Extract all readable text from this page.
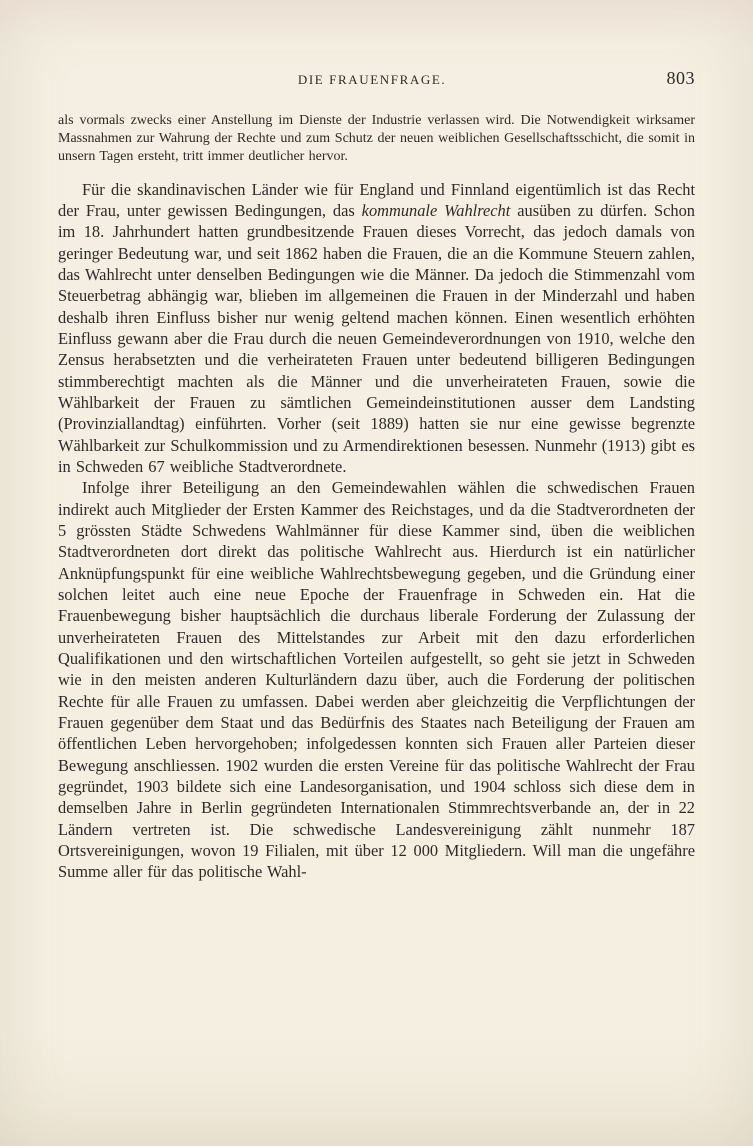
DIE FRAUENFRAGE.	803

als vormals zwecks einer Anstellung im Dienste der Industrie verlassen wird. Die Notwendigkeit wirksamer Massnahmen zur Wahrung der Rechte und zum Schutz der neuen weiblichen Gesellschaftsschicht, die somit in unsern Tagen ersteht, tritt immer deutlicher hervor.

Für die skandinavischen Länder wie für England und Finnland eigentümlich ist das Recht der Frau, unter gewissen Bedingungen, das kommunale Wahlrecht ausüben zu dürfen. Schon im 18. Jahrhundert hatten grundbesitzende Frauen dieses Vorrecht, das jedoch damals von geringer Bedeutung war, und seit 1862 haben die Frauen, die an die Kommune Steuern zahlen, das Wahlrecht unter denselben Bedingungen wie die Männer. Da jedoch die Stimmenzahl vom Steuerbetrag abhängig war, blieben im allgemeinen die Frauen in der Minderzahl und haben deshalb ihren Einfluss bisher nur wenig geltend machen können. Einen wesentlich erhöhten Einfluss gewann aber die Frau durch die neuen Gemeindeverordnungen von 1910, welche den Zensus herabsetzten und die verheirateten Frauen unter bedeutend billigeren Bedingungen stimmberechtigt machten als die Männer und die unverheirateten Frauen, sowie die Wählbarkeit der Frauen zu sämtlichen Gemeindeinstitutionen ausser dem Landsting (Provinziallandtag) einführten. Vorher (seit 1889) hatten sie nur eine gewisse begrenzte Wählbarkeit zur Schulkommission und zu Armendirektionen besessen. Nunmehr (1913) gibt es in Schweden 67 weibliche Stadtverordnete.

Infolge ihrer Beteiligung an den Gemeindewahlen wählen die schwedischen Frauen indirekt auch Mitglieder der Ersten Kammer des Reichstages, und da die Stadtverordneten der 5 grössten Städte Schwedens Wahlmänner für diese Kammer sind, üben die weiblichen Stadtverordneten dort direkt das politische Wahlrecht aus. Hierdurch ist ein natürlicher Anknüpfungspunkt für eine weibliche Wahlrechtsbewegung gegeben, und die Gründung einer solchen leitet auch eine neue Epoche der Frauenfrage in Schweden ein. Hat die Frauenbewegung bisher hauptsächlich die durchaus liberale Forderung der Zulassung der unverheirateten Frauen des Mittelstandes zur Arbeit mit den dazu erforderlichen Qualifikationen und den wirtschaftlichen Vorteilen aufgestellt, so geht sie jetzt in Schweden wie in den meisten anderen Kulturländern dazu über, auch die Forderung der politischen Rechte für alle Frauen zu umfassen. Dabei werden aber gleichzeitig die Verpflichtungen der Frauen gegenüber dem Staat und das Bedürfnis des Staates nach Beteiligung der Frauen am öffentlichen Leben hervorgehoben; infolgedessen konnten sich Frauen aller Parteien dieser Bewegung anschliessen. 1902 wurden die ersten Vereine für das politische Wahlrecht der Frau gegründet, 1903 bildete sich eine Landesorganisation, und 1904 schloss sich diese dem in demselben Jahre in Berlin gegründeten Internationalen Stimmrechtsverbande an, der in 22 Ländern vertreten ist. Die schwedische Landesvereinigung zählt nunmehr 187 Ortsvereinigungen, wovon 19 Filialen, mit über 12 000 Mitgliedern. Will man die ungefähre Summe aller für das politische Wahl-
